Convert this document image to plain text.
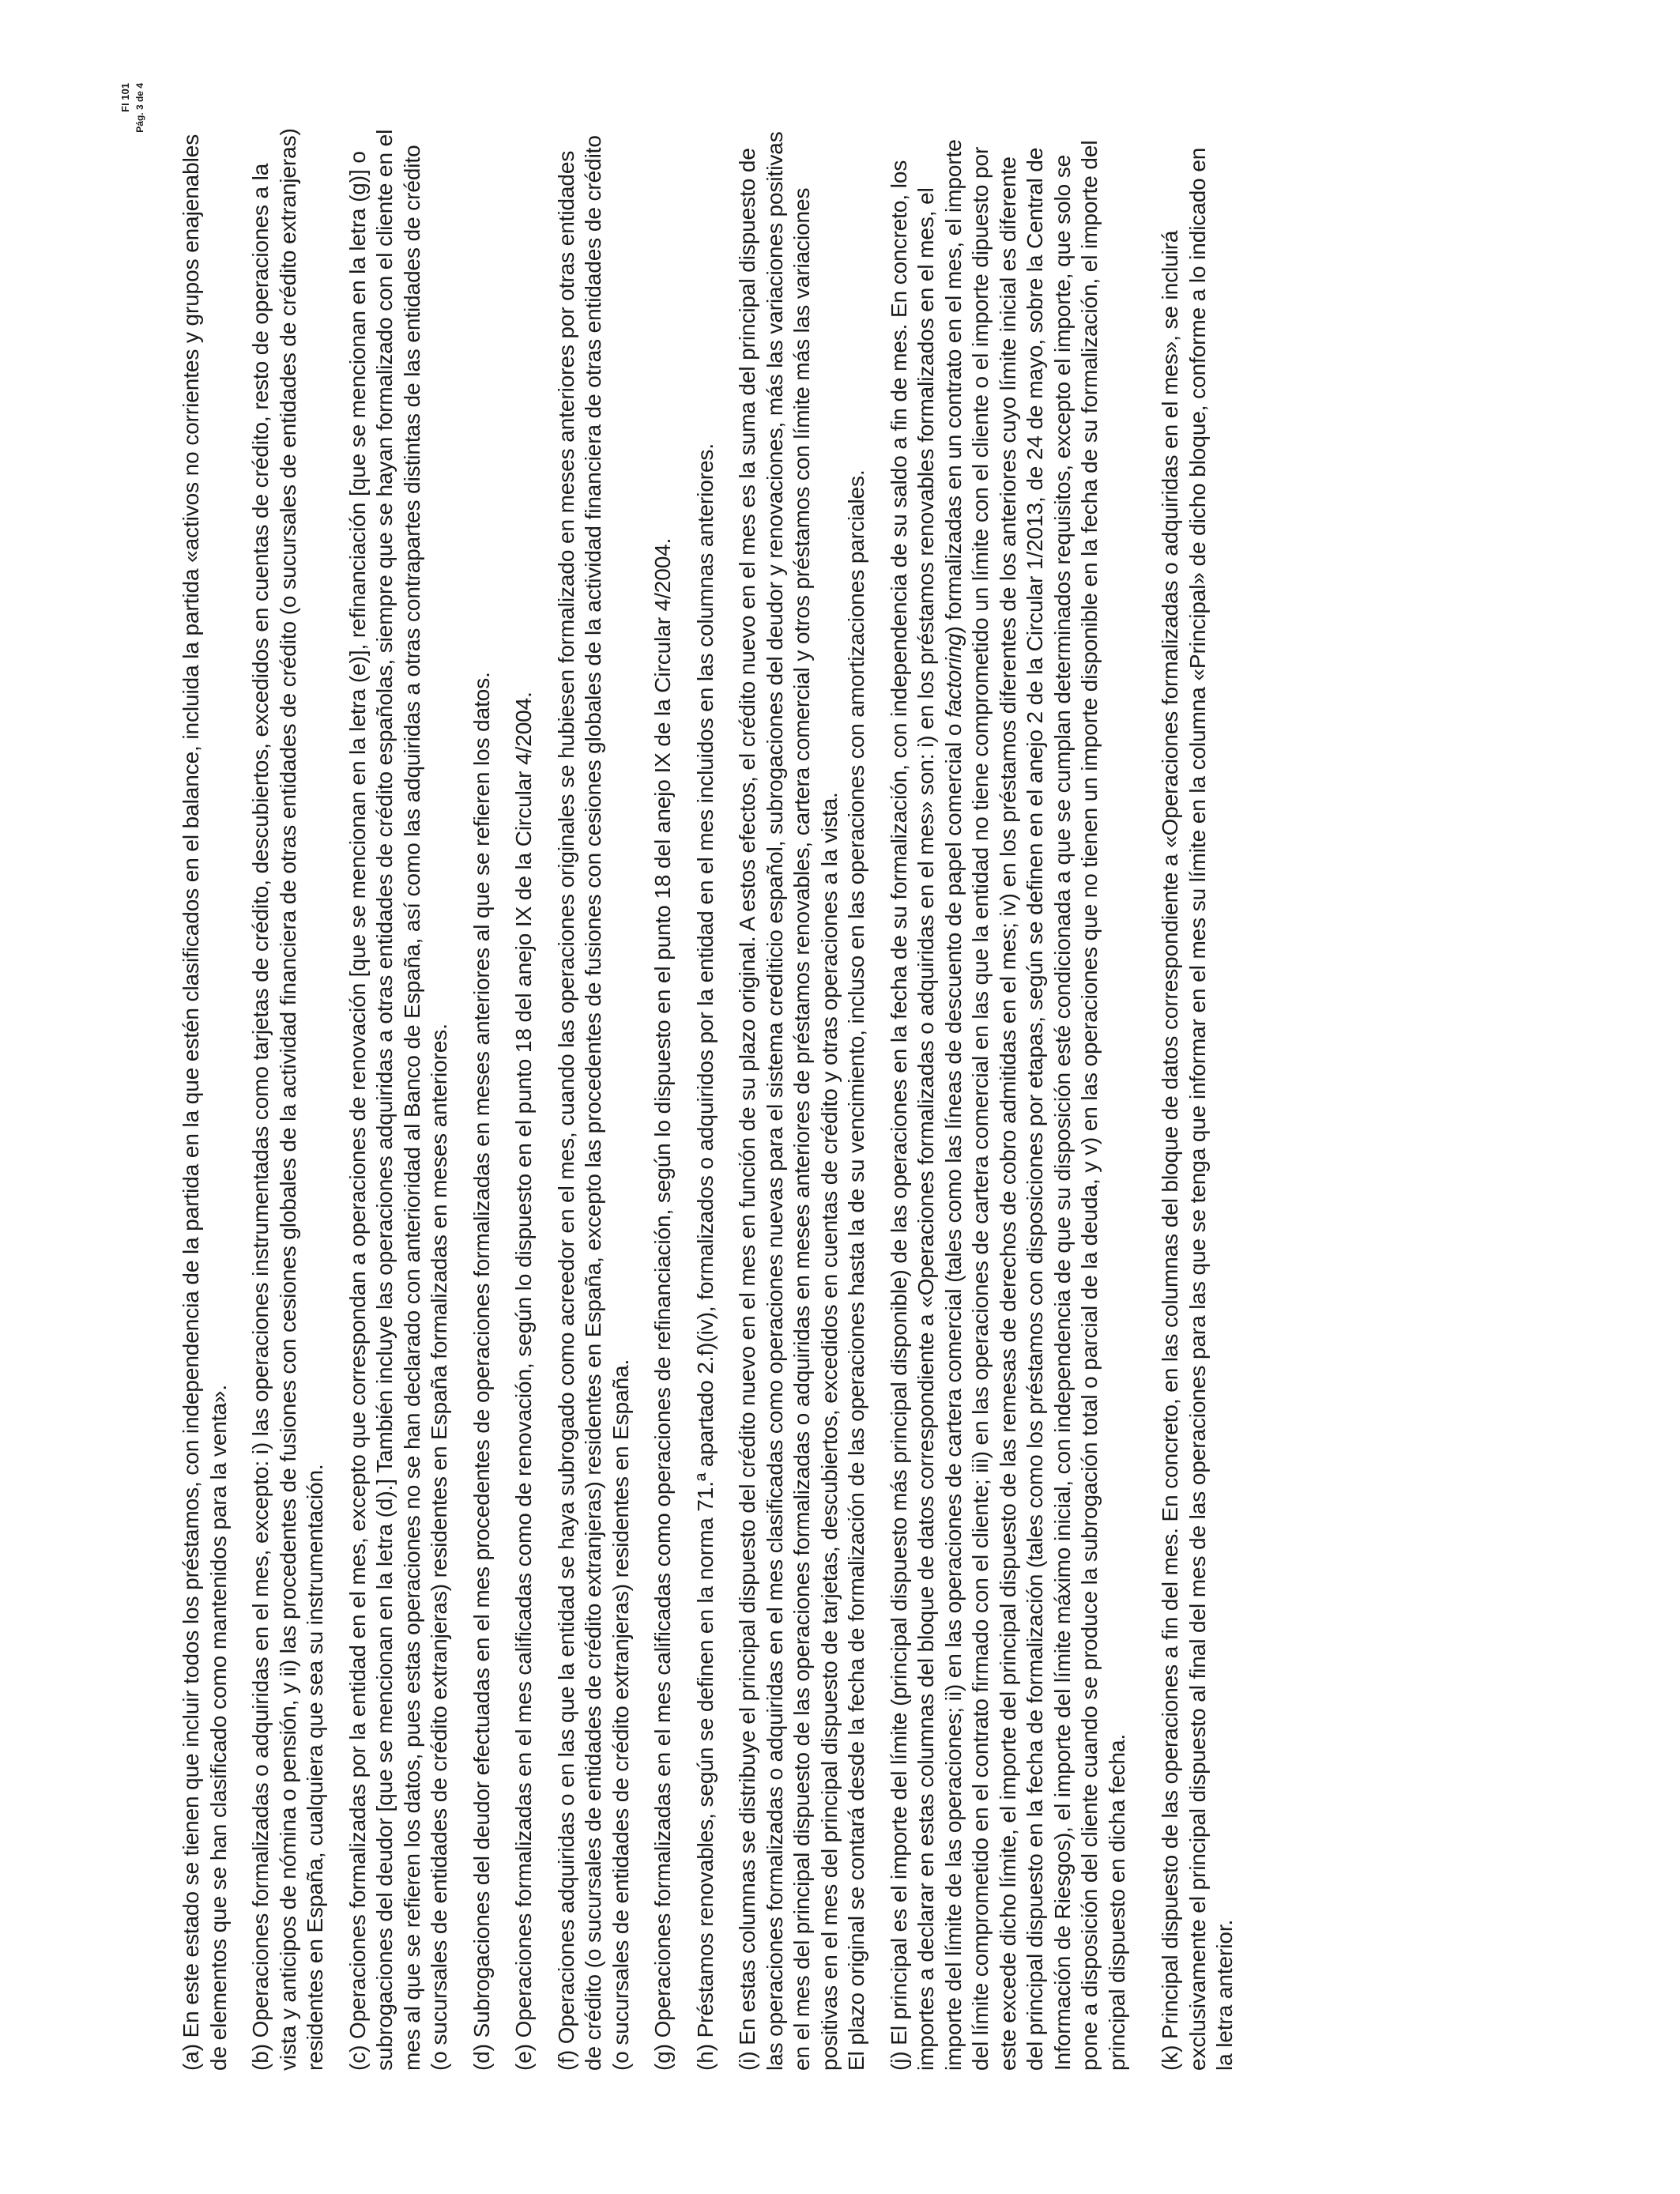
FI 101 Pág. 3 de 4

(a) En este estado se tienen que incluir todos los préstamos, con independencia de la partida en la que estén clasificados en el balance, incluida la partida «activos no corrientes y grupos enajenables de elementos que se han clasificado como mantenidos para la venta». (b) Operaciones formalizadas o adquiridas en el mes, excepto: i) las operaciones instrumentadas como tarjetas de crédito, descubiertos, excedidos en cuentas de crédito, resto de operaciones a la vista y anticipos de nómina o pensión, y ii) las procedentes de fusiones con cesiones globales de la actividad financiera de otras entidades de crédito (o sucursales de entidades de crédito extranjeras) residentes en España, cualquiera que sea su instrumentación. (c) Operaciones formalizadas por la entidad en el mes, excepto que correspondan a operaciones de renovación [que se mencionan en la letra (e)], refinanciación [que se mencionan en la letra (g)] o subrogaciones del deudor [que se mencionan en la letra (d).] También incluye las operaciones adquiridas a otras entidades de crédito españolas, siempre que se hayan formalizado con el cliente en el mes al que se refieren los datos, pues estas operaciones no se han declarado con anterioridad al Banco de España, así como las adquiridas a otras contrapartes distintas de las entidades de crédito (o sucursales de entidades de crédito extranjeras) residentes en España formalizadas en meses anteriores. (d) Subrogaciones del deudor efectuadas en el mes procedentes de operaciones formalizadas en meses anteriores al que se refieren los datos. (e) Operaciones formalizadas en el mes calificadas como de renovación, según lo dispuesto en el punto 18 del anejo IX de la Circular 4/2004. (f) Operaciones adquiridas o en las que la entidad se haya subrogado como acreedor en el mes, cuando las operaciones originales se hubiesen formalizado en meses anteriores por otras entidades de crédito (o sucursales de entidades de crédito extranjeras) residentes en España, excepto las procedentes de fusiones con cesiones globales de la actividad financiera de otras entidades de crédito (o sucursales de entidades de crédito extranjeras) residentes en España. (g) Operaciones formalizadas en el mes calificadas como operaciones de refinanciación, según lo dispuesto en el punto 18 del anejo IX de la Circular 4/2004. (h) Préstamos renovables, según se definen en la norma 71.ª apartado 2.f)(iv), formalizados o adquiridos por la entidad en el mes incluidos en las columnas anteriores. (i) En estas columnas se distribuye el principal dispuesto del crédito nuevo en el mes en función de su plazo original. A estos efectos, el crédito nuevo en el mes es la suma del principal dispuesto de las operaciones formalizadas o adquiridas en el mes clasificadas como operaciones nuevas para el sistema crediticio español, subrogaciones del deudor y renovaciones, más las variaciones positivas en el mes del principal dispuesto de las operaciones formalizadas o adquiridas en meses anteriores de préstamos renovables, cartera comercial y otros préstamos con límite más las variaciones positivas en el mes del principal dispuesto de tarjetas, descubiertos, excedidos en cuentas de crédito y otras operaciones a la vista. El plazo original se contará desde la fecha de formalización de las operaciones hasta la de su vencimiento, incluso en las operaciones con amortizaciones parciales. (j) El principal es el importe del límite (principal dispuesto más principal disponible) de las operaciones en la fecha de su formalización, con independencia de su saldo a fin de mes. En concreto, los importes a declarar en estas columnas del bloque de datos correspondiente a «Operaciones formalizadas o adquiridas en el mes» son: i) en los préstamos renovables formalizados en el mes, el importe del límite de las operaciones; ii) en las operaciones de cartera comercial (tales como las líneas de descuento de papel comercial o factoring) formalizadas en un contrato en el mes, el importe del límite comprometido en el contrato firmado con el cliente; iii) en las operaciones de cartera comercial en las que la entidad no tiene comprometido un límite con el cliente o el importe dipuesto por este excede dicho límite, el importe del principal dispuesto de las remesas de derechos de cobro admitidas en el mes; iv) en los préstamos diferentes de los anteriores cuyo límite inicial es diferente del principal dispuesto en la fecha de formalización (tales como los préstamos con disposiciones por etapas, según se definen en el anejo 2 de la Circular 1/2013, de 24 de mayo, sobre la Central de Información de Riesgos), el importe del límite máximo inicial, con independencia de que su disposición esté condicionada a que se cumplan determinados requisitos, excepto el importe, que solo se pone a disposición del cliente cuando se produce la subrogación total o parcial de la deuda, y v) en las operaciones que no tienen un importe disponible en la fecha de su formalización, el importe del principal dispuesto en dicha fecha. (k) Principal dispuesto de las operaciones a fin del mes. En concreto, en las columnas del bloque de datos correspondiente a «Operaciones formalizadas o adquiridas en el mes», se incluirá exclusivamente el principal dispuesto al final del mes de las operaciones para las que se tenga que informar en el mes su límite en la columna «Principal» de dicho bloque, conforme a lo indicado en la letra anterior.
